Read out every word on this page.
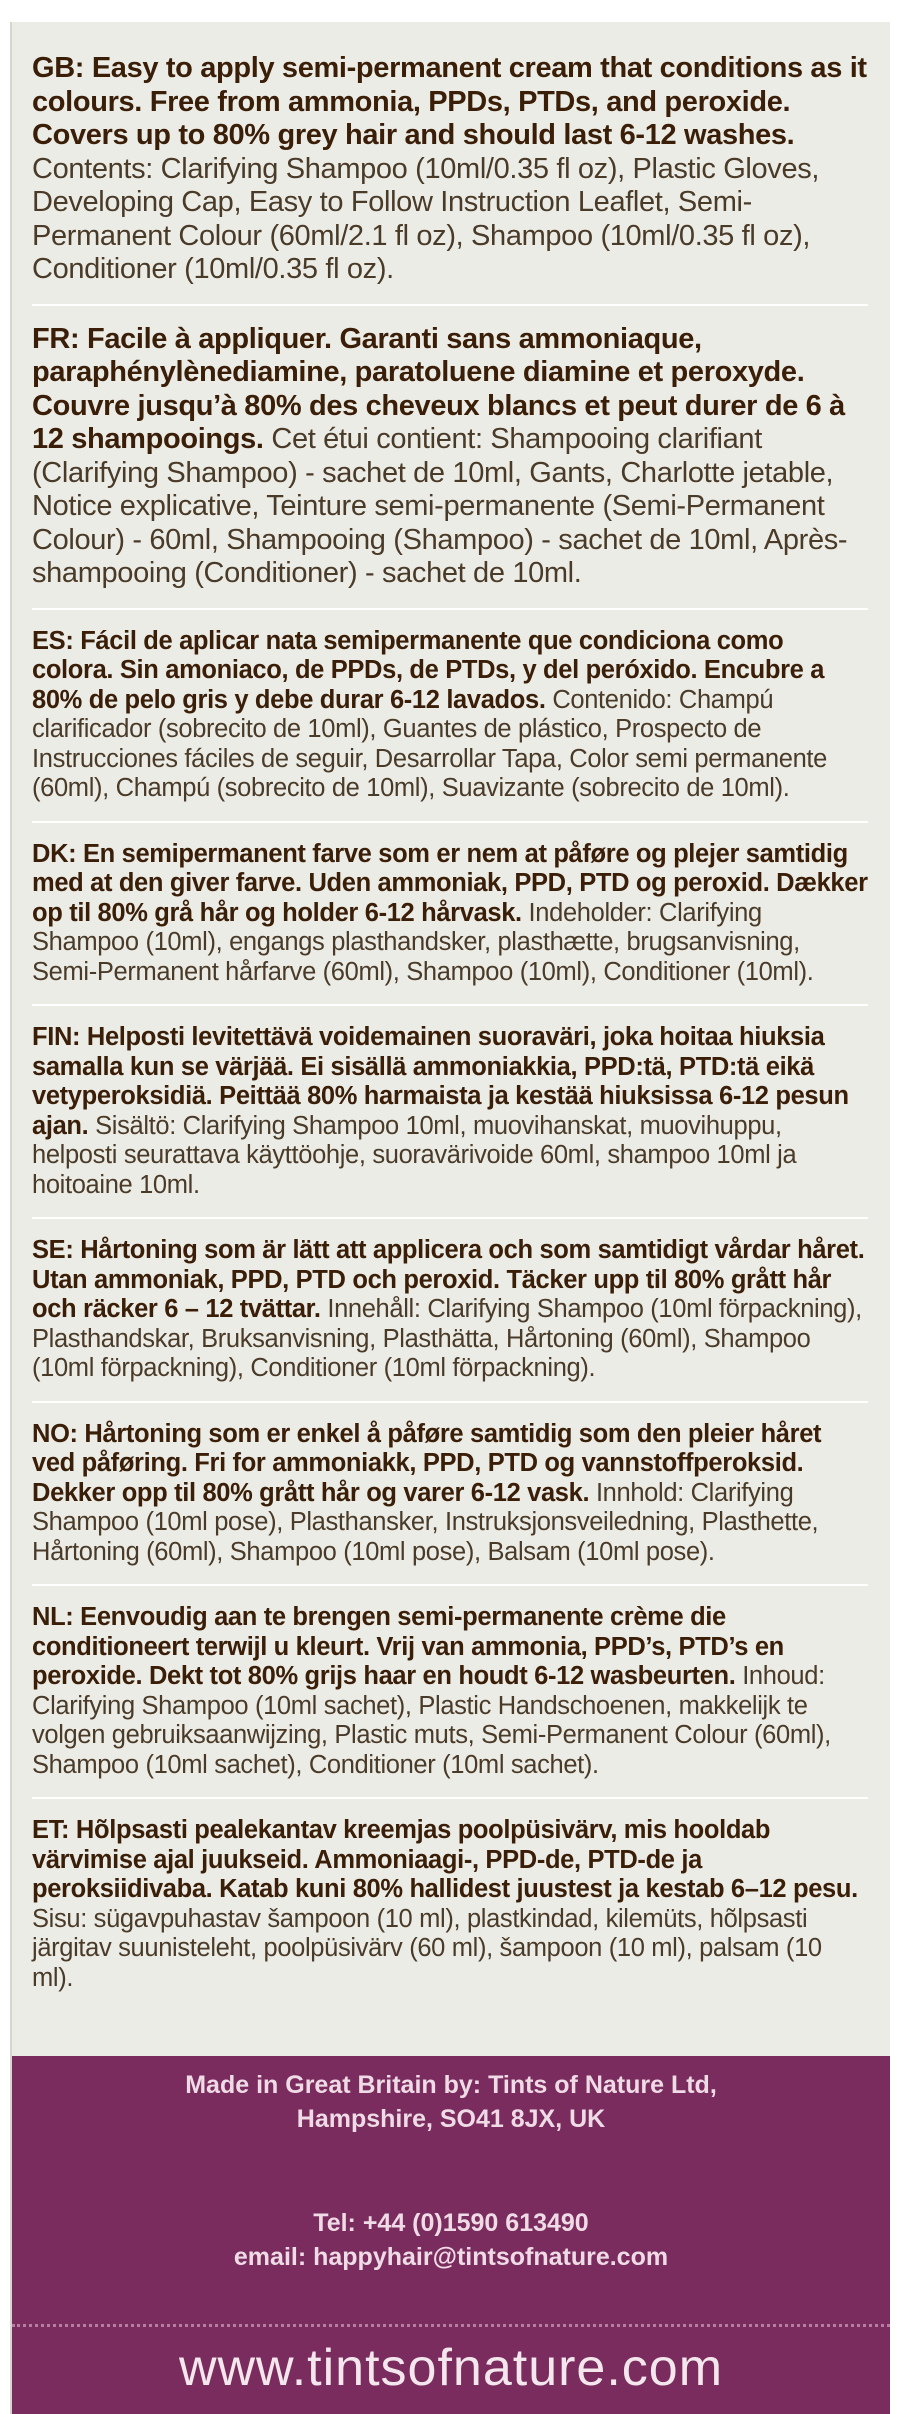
GB: Easy to apply semi-permanent cream that conditions as it colours. Free from ammonia, PPDs, PTDs, and peroxide. Covers up to 80% grey hair and should last 6-12 washes. Contents: Clarifying Shampoo (10ml/0.35 fl oz), Plastic Gloves, Developing Cap, Easy to Follow Instruction Leaflet, Semi-Permanent Colour (60ml/2.1 fl oz), Shampoo (10ml/0.35 fl oz), Conditioner (10ml/0.35 fl oz).
FR: Facile à appliquer. Garanti sans ammoniaque, paraphénylènediamine, paratoluene diamine et peroxyde. Couvre jusqu’à 80% des cheveux blancs et peut durer de 6 à 12 shampooings. Cet étui contient: Shampooing clarifiant (Clarifying Shampoo) - sachet de 10ml, Gants, Charlotte jetable, Notice explicative, Teinture semi-permanente (Semi-Permanent Colour) - 60ml, Shampooing (Shampoo) - sachet de 10ml, Après-shampooing (Conditioner) - sachet de 10ml.
ES: Fácil de aplicar nata semipermanente que condiciona como colora. Sin amoniaco, de PPDs, de PTDs, y del peróxido. Encubre a 80% de pelo gris y debe durar 6-12 lavados. Contenido: Champú clarificador (sobrecito de 10ml), Guantes de plástico, Prospecto de Instrucciones fáciles de seguir, Desarrollar Tapa, Color semi permanente (60ml), Champú (sobrecito de 10ml), Suavizante (sobrecito de 10ml).
DK: En semipermanent farve som er nem at påføre og plejer samtidig med at den giver farve. Uden ammoniak, PPD, PTD og peroxid. Dækker op til 80% grå hår og holder 6-12 hårvask. Indeholder: Clarifying Shampoo (10ml), engangs plasthandsker, plasthætte, brugsanvisning, Semi-Permanent hårfarve (60ml), Shampoo (10ml), Conditioner (10ml).
FIN: Helposti levitettävä voidemainen suoraväri, joka hoitaa hiuksia samalla kun se värjää. Ei sisällä ammoniakkia, PPD:tä, PTD:tä eikä vetyperoksidiä. Peittää 80% harmaista ja kestää hiuksissa 6-12 pesun ajan. Sisältö: Clarifying Shampoo 10ml, muovihanskat, muovihuppu, helposti seurattava käyttöohje, suoravärivoide 60ml, shampoo 10ml ja hoitoaine 10ml.
SE: Hårtoning som är lätt att applicera och som samtidigt vårdar håret. Utan ammoniak, PPD, PTD och peroxid. Täcker upp til 80% grått hår och räcker 6 – 12 tvättar. Innehåll: Clarifying Shampoo (10ml förpackning), Plasthandskar, Bruksanvisning, Plasthätta, Hårtoning (60ml), Shampoo (10ml förpackning), Conditioner (10ml förpackning).
NO: Hårtoning som er enkel å påføre samtidig som den pleier håret ved påføring. Fri for ammoniakk, PPD, PTD og vannstoffperoksid. Dekker opp til 80% grått hår og varer 6-12 vask. Innhold: Clarifying Shampoo (10ml pose), Plasthansker, Instruksjonsveiledning, Plasthette, Hårtoning (60ml), Shampoo (10ml pose), Balsam (10ml pose).
NL: Eenvoudig aan te brengen semi-permanente crème die conditioneert terwijl u kleurt. Vrij van ammonia, PPD’s, PTD’s en peroxide. Dekt tot 80% grijs haar en houdt 6-12 wasbeurten. Inhoud: Clarifying Shampoo (10ml sachet), Plastic Handschoenen, makkelijk te volgen gebruiksaanwijzing, Plastic muts, Semi-Permanent Colour (60ml), Shampoo (10ml sachet), Conditioner (10ml sachet).
ET: Hõlpsasti pealekantav kreemjas poolpüsivärv, mis hooldab värvimise ajal juukseid. Ammoniaagi-, PPD-de, PTD-de ja peroksiidivaba. Katab kuni 80% hallidest juustest ja kestab 6–12 pesu. Sisu: sügavpuhastav šampoon (10 ml), plastkindad, kilemüts, hõlpsasti järgitav suunisteleht, poolpüsivärv (60 ml), šampoon (10 ml), palsam (10 ml).
Made in Great Britain by: Tints of Nature Ltd,
Hampshire, SO41 8JX, UK
Tel: +44 (0)1590 613490
email: happyhair@tintsofnature.com
www.tintsofnature.com
